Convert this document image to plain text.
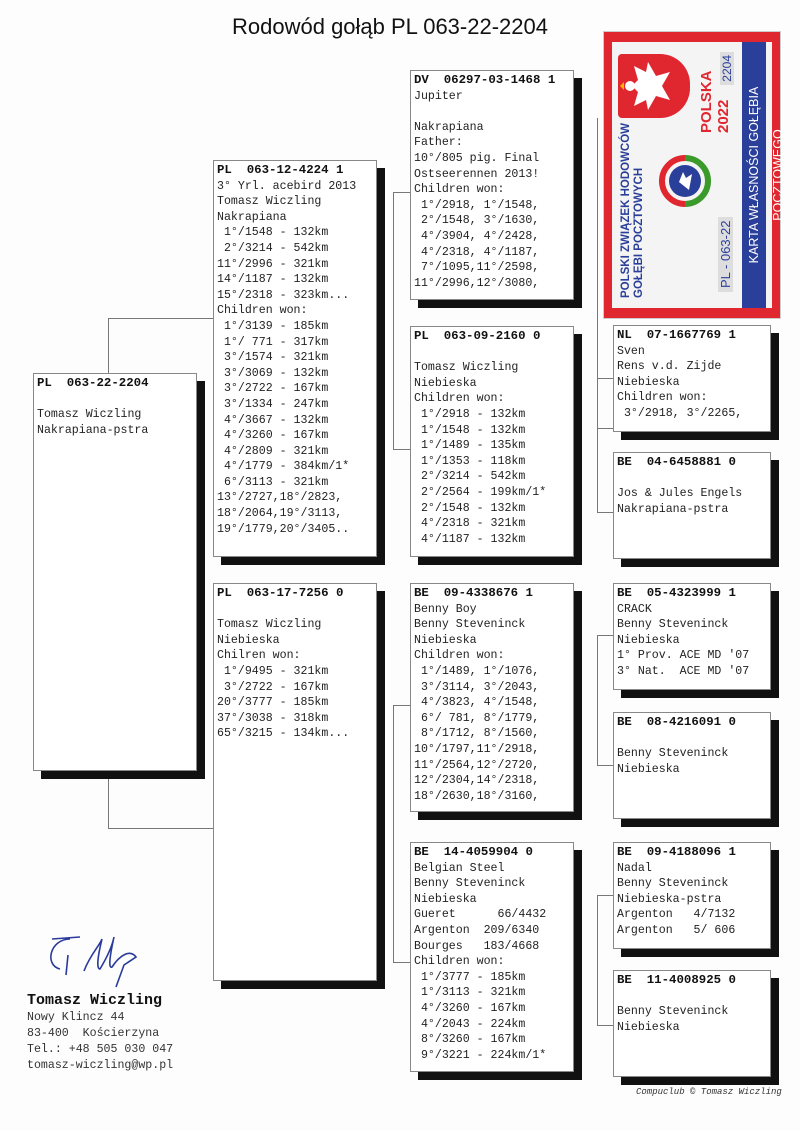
Rodowód gołąb PL 063-22-2204
PL  063-22-2204
Tomasz Wiczling
Nakrapiana-pstra
PL  063-12-4224 1
3° Yrl. acebird 2013
Tomasz Wiczling
Nakrapiana
1°/1548 - 132km
2°/3214 - 542km
11°/2996 - 321km
14°/1187 - 132km
15°/2318 - 323km...
Children won:
1°/3139 - 185km
1°/ 771 - 317km
3°/1574 - 321km
3°/3069 - 132km
3°/2722 - 167km
3°/1334 - 247km
4°/3667 - 132km
4°/3260 - 167km
4°/2809 - 321km
4°/1779 - 384km/1*
6°/3113 - 321km
13°/2727,18°/2823,
18°/2064,19°/3113,
19°/1779,20°/3405..
PL  063-17-7256 0
Tomasz Wiczling
Niebieska
Chilren won:
1°/9495 - 321km
3°/2722 - 167km
20°/3777 - 185km
37°/3038 - 318km
65°/3215 - 134km...
DV  06297-03-1468 1
Jupiter
Nakrapiana
Father:
10°/805 pig. Final
Ostseerennen 2013!
Children won:
1°/2918, 1°/1548,
2°/1548, 3°/1630,
4°/3904, 4°/2428,
4°/2318, 4°/1187,
7°/1095,11°/2598,
11°/2996,12°/3080,
PL  063-09-2160 0
Tomasz Wiczling
Niebieska
Children won:
1°/2918 - 132km
1°/1548 - 132km
1°/1489 - 135km
1°/1353 - 118km
2°/3214 - 542km
2°/2564 - 199km/1*
2°/1548 - 132km
4°/2318 - 321km
4°/1187 - 132km
BE  09-4338676 1
Benny Boy
Benny Steveninck
Niebieska
Children won:
1°/1489, 1°/1076,
3°/3114, 3°/2043,
4°/3823, 4°/1548,
6°/ 781, 8°/1779,
8°/1712, 8°/1560,
10°/1797,11°/2918,
11°/2564,12°/2720,
12°/2304,14°/2318,
18°/2630,18°/3160,
BE  14-4059904 0
Belgian Steel
Benny Steveninck
Niebieska
Gueret      66/4432
Argenton  209/6340
Bourges   183/4668
Children won:
1°/3777 - 185km
1°/3113 - 321km
4°/3260 - 167km
4°/2043 - 224km
8°/3260 - 167km
9°/3221 - 224km/1*
NL  07-1667769 1
Sven
Rens v.d. Zijde
Niebieska
Children won:
3°/2918, 3°/2265,
BE  04-6458881 0
Jos & Jules Engels
Nakrapiana-pstra
BE  05-4323999 1
CRACK
Benny Steveninck
Niebieska
1° Prov. ACE MD '07
3° Nat.  ACE MD '07
BE  08-4216091 0
Benny Steveninck
Niebieska
BE  09-4188096 1
Nadal
Benny Steveninck
Niebieska-pstra
Argenton   4/7132
Argenton   5/ 606
BE  11-4008925 0
Benny Steveninck
Niebieska
POLSKI ZWIĄZEK HODOWCÓW GOŁĘBI POCZTOWYCH
POLSKA 2022
PL - 063-22
2204
KARTA WŁASNOŚCI GOŁĘBIA POCZTOWEGO
Tomasz Wiczling
Nowy Klincz 44
83-400  Kościerzyna
Tel.: +48 505 030 047
tomasz-wiczling@wp.pl
Compuclub © Tomasz Wiczling
